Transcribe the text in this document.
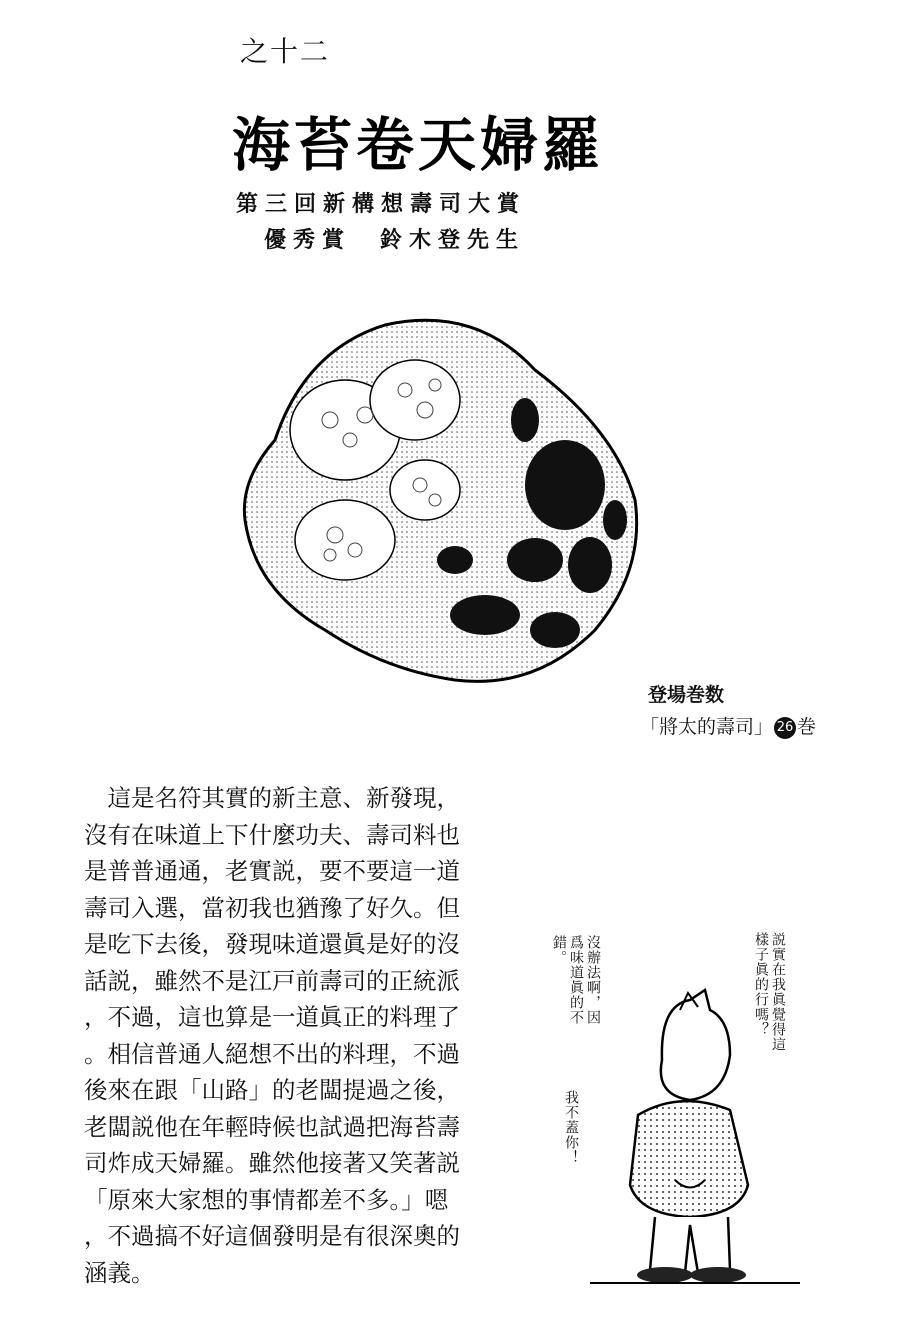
之十二
海苔卷天婦羅
第三回新構想壽司大賞
優秀賞　鈴木登先生
登場巻数
「將太的壽司」 26 巻

　這是名符其實的新主意、新發現，

沒有在味道上下什麼功夫、壽司料也

是普普通通，老實説，要不要這一道

壽司入選，當初我也猶豫了好久。但

是吃下去後，發現味道還眞是好的沒

話説，雖然不是江戸前壽司的正統派

，不過，這也算是一道眞正的料理了

。相信普通人絕想不出的料理，不過

後來在跟「山路」的老闆提過之後，

老闆説他在年輕時候也試過把海苔壽

司炸成天婦羅。雖然他接著又笑著説

「原來大家想的事情都差不多。」嗯

，不過搞不好這個發明是有很深奧的

涵義。

説實在我眞覺得這樣子眞的行嗎？
沒辦法啊，因爲味道眞的不錯。
我不蓋你！
